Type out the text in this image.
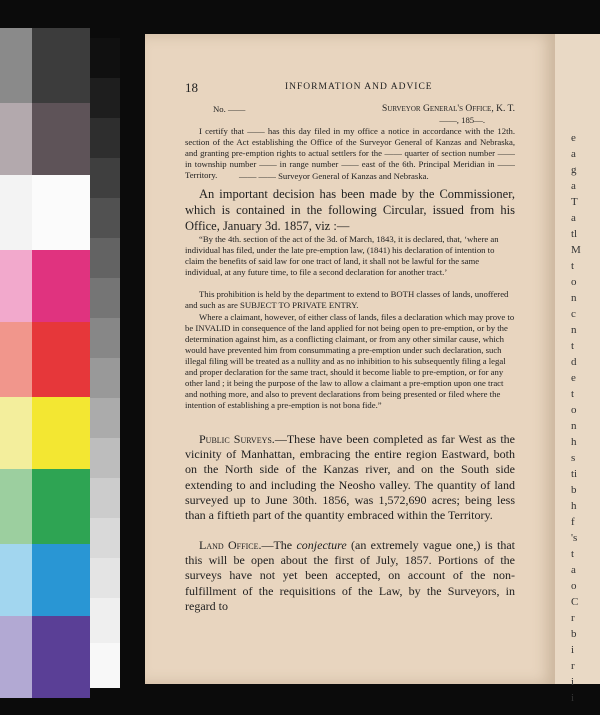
18	INFORMATION AND ADVICE
No. ——	Surveyor General's Office, K. T.
——, 185—.
I certify that —— has this day filed in my office a notice in accordance with the 12th. section of the Act establishing the Office of the Surveyor General of Kanzas and Nebraska, and granting pre-emption rights to actual settlers for the —— quarter of section number —— in township number —— in range number —— east of the 6th. Principal Meridian in —— Territory.	—— —— Surveyor General of Kanzas and Nebraska.
An important decision has been made by the Commissioner, which is contained in the following Circular, issued from his Office, January 3d. 1857, viz :—
“By the 4th. section of the act of the 3d. of March, 1843, it is declared, that, ‘where an individual has filed, under the late pre-emption law, (1841) his declaration of intention to claim the benefits of said law for one tract of land, it shall not be lawful for the same individual, at any future time, to file a second declaration for another tract.’
This prohibition is held by the department to extend to BOTH classes of lands, unoffered and such as are SUBJECT TO PRIVATE ENTRY.
Where a claimant, however, of either class of lands, files a declaration which may prove to be INVALID in consequence of the land applied for not being open to pre-emption, or by the determination against him, as a conflicting claimant, or from any other similar cause, which would have prevented him from consummating a pre-emption under such declaration, such illegal filing will be treated as a nullity and as no inhibition to his subsequently filing a legal and proper declaration for the same tract, should it become liable to pre-emption, or for any other land ; it being the purpose of the law to allow a claimant a pre-emption upon one tract and nothing more, and also to prevent declarations from being presented or filed where the intention of establishing a pre-emption is not bona fide.”
Public Surveys.—These have been completed as far West as the vicinity of Manhattan, embracing the entire region Eastward, both on the North side of the Kanzas river, and on the South side extending to and including the Neosho valley. The quantity of land surveyed up to June 30th. 1856, was 1,572,690 acres; being less than a fiftieth part of the quantity embraced within the Territory.
Land Office.—The conjecture (an extremely vague one,) is that this will be open about the first of July, 1857. Portions of the surveys have not yet been accepted, on account of the non-fulfillment of the requisitions of the Law, by the Surveyors, in regard to
e
a
g
a
T
a
tl
M
t
o
n
c
n
t
d
e
t
o
n
h
s
ti
b
h
f
's
t
a
o
C
r
b
i
r
i
i
